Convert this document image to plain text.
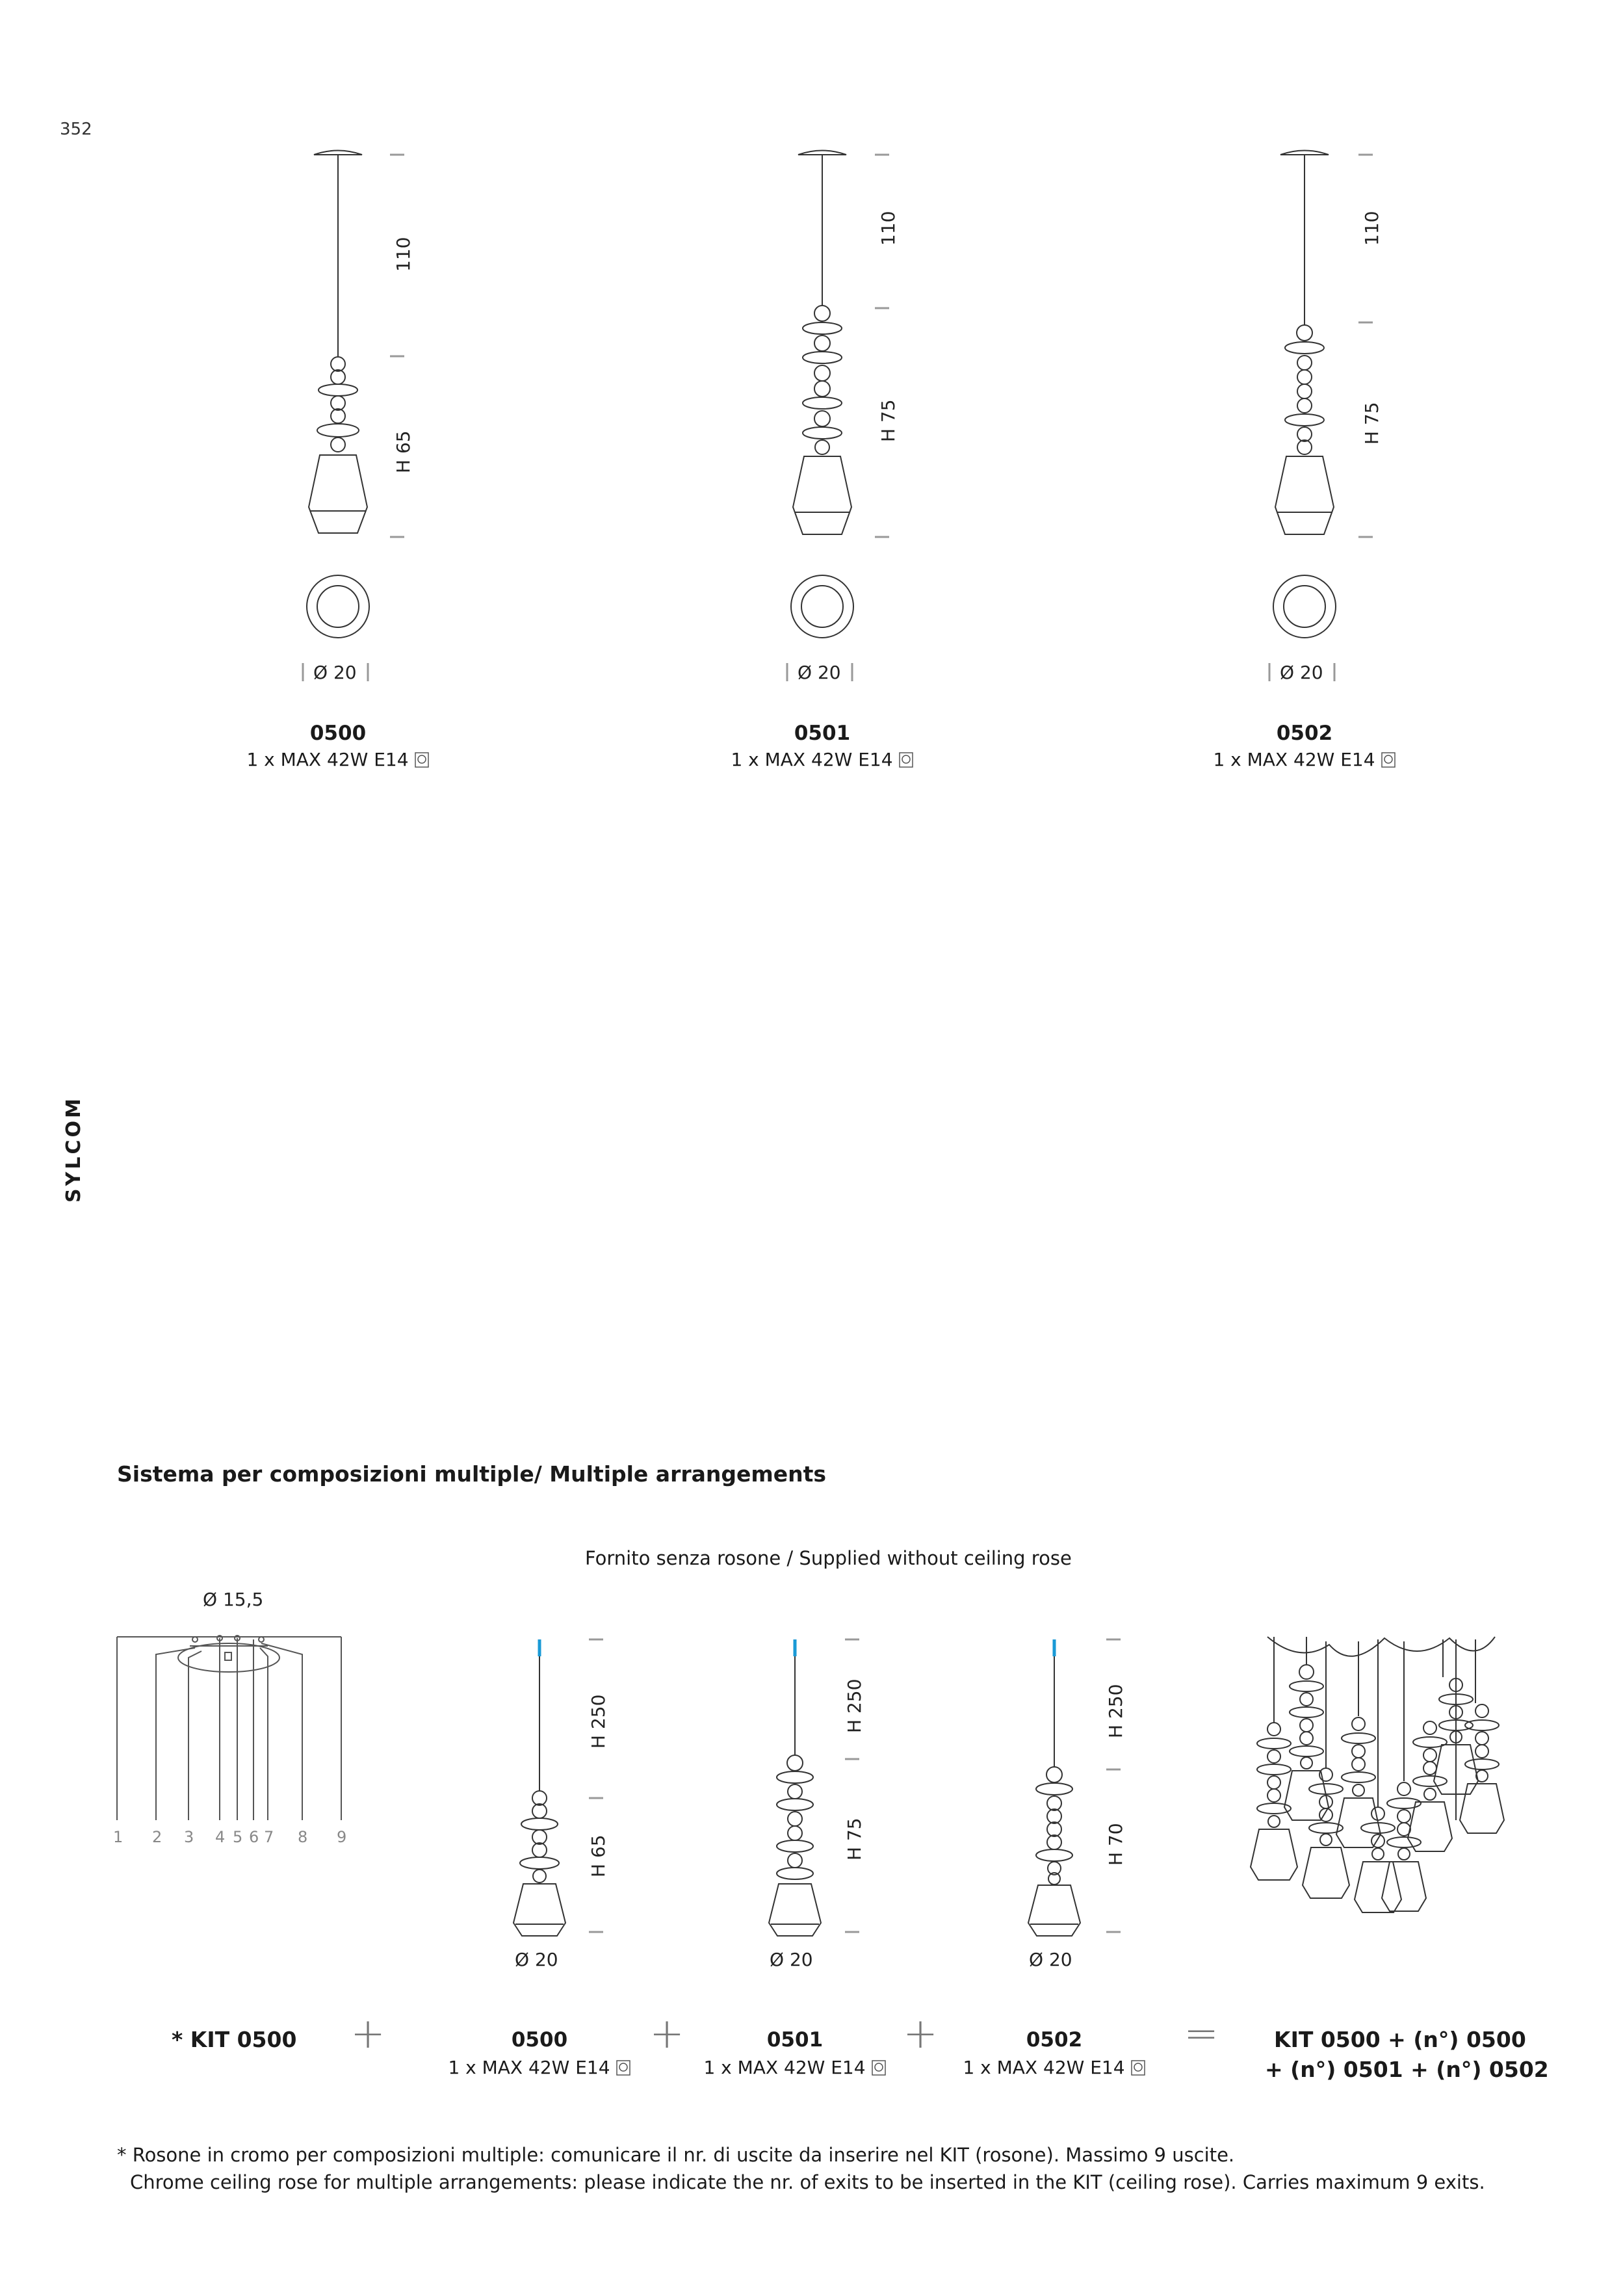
352
SYLCOM
110
H 65
Ø 20
0500
1 x MAX 42W E14
110
H 75
Ø 20
0501
1 x MAX 42W E14
110
H 75
Ø 20
0502
1 x MAX 42W E14
Sistema per composizioni multiple/ Multiple arrangements
Fornito senza rosone / Supplied without ceiling rose
Ø 15,5
1 2 3 4 5 6 7 8 9
H 250
H 65
Ø 20
H 250
H 75
Ø 20
H 250
H 70
Ø 20
* KIT 0500 +	0500
1 x MAX 42W E14
+	0501
1 x MAX 42W E14
+	0502
1 x MAX 42W E14
=	KIT 0500 + (n°) 0500
+ (n°) 0501 + (n°) 0502
* Rosone in cromo per composizioni multiple: comunicare il nr. di uscite da inserire nel KIT (rosone). Massimo 9 uscite.
Chrome ceiling rose for multiple arrangements: please indicate the nr. of exits to be inserted in the KIT (ceiling rose). Carries maximum 9 exits.
